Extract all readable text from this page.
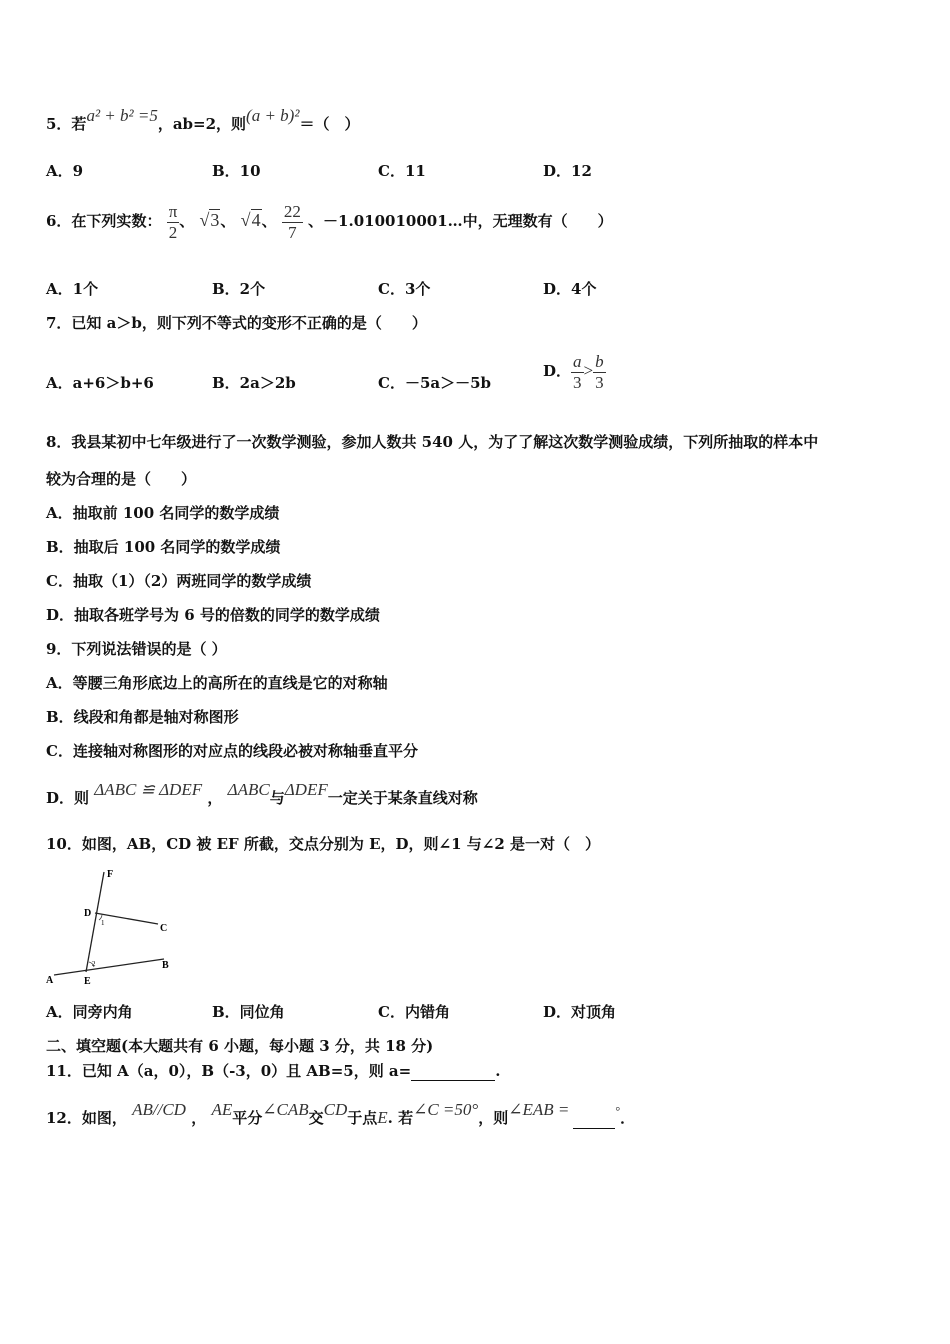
5．若a² + b² =5，ab=2，则(a + b)²＝（　）
A．9	B．10	C．11	D．12
6．在下列实数： $\frac{\pi}{2}$ 、 √3、 √4、 $\frac{22}{7}$ 、－1.010010001…中，无理数有（　　）
A．1个	B．2个	C．3个	D．4个
7．已知 a＞b，则下列不等式的变形不正确的是（　　）
A．a+6＞b+6	B．2a＞2b	C．－5a＞－5b
D． $\frac{a}{3} > \frac{b}{3}$
8．我县某初中七年级进行了一次数学测验，参加人数共 540 人，为了了解这次数学测验成绩，下列所抽取的样本中
较为合理的是（　　）
A．抽取前 100 名同学的数学成绩
B．抽取后 100 名同学的数学成绩
C．抽取（1）（2）两班同学的数学成绩
D．抽取各班学号为 6 号的倍数的同学的数学成绩
9．下列说法错误的是（ ）
A．等腰三角形底边上的高所在的直线是它的对称轴
B．线段和角都是轴对称图形
C．连接轴对称图形的对应点的线段必被对称轴垂直平分
D．则 ΔABC ≌ ΔDEF ， ΔABC与ΔDEF一定关于某条直线对称
10．如图，AB，CD 被 EF 所截，交点分别为 E，D，则∠1 与∠2 是一对（　）
F
D
C
A	E
B
1
2
A．同旁内角	B．同位角	C．内错角	D．对顶角
二、填空题(本大题共有 6 小题，每小题 3 分，共 18 分)
11．已知 A（a，0），B（-3，0）且 AB=5，则 a=	.
12．如图， AB//CD ， AE平分∠CAB交CD于点E. 若∠C =50°，则∠EAB =	°．
